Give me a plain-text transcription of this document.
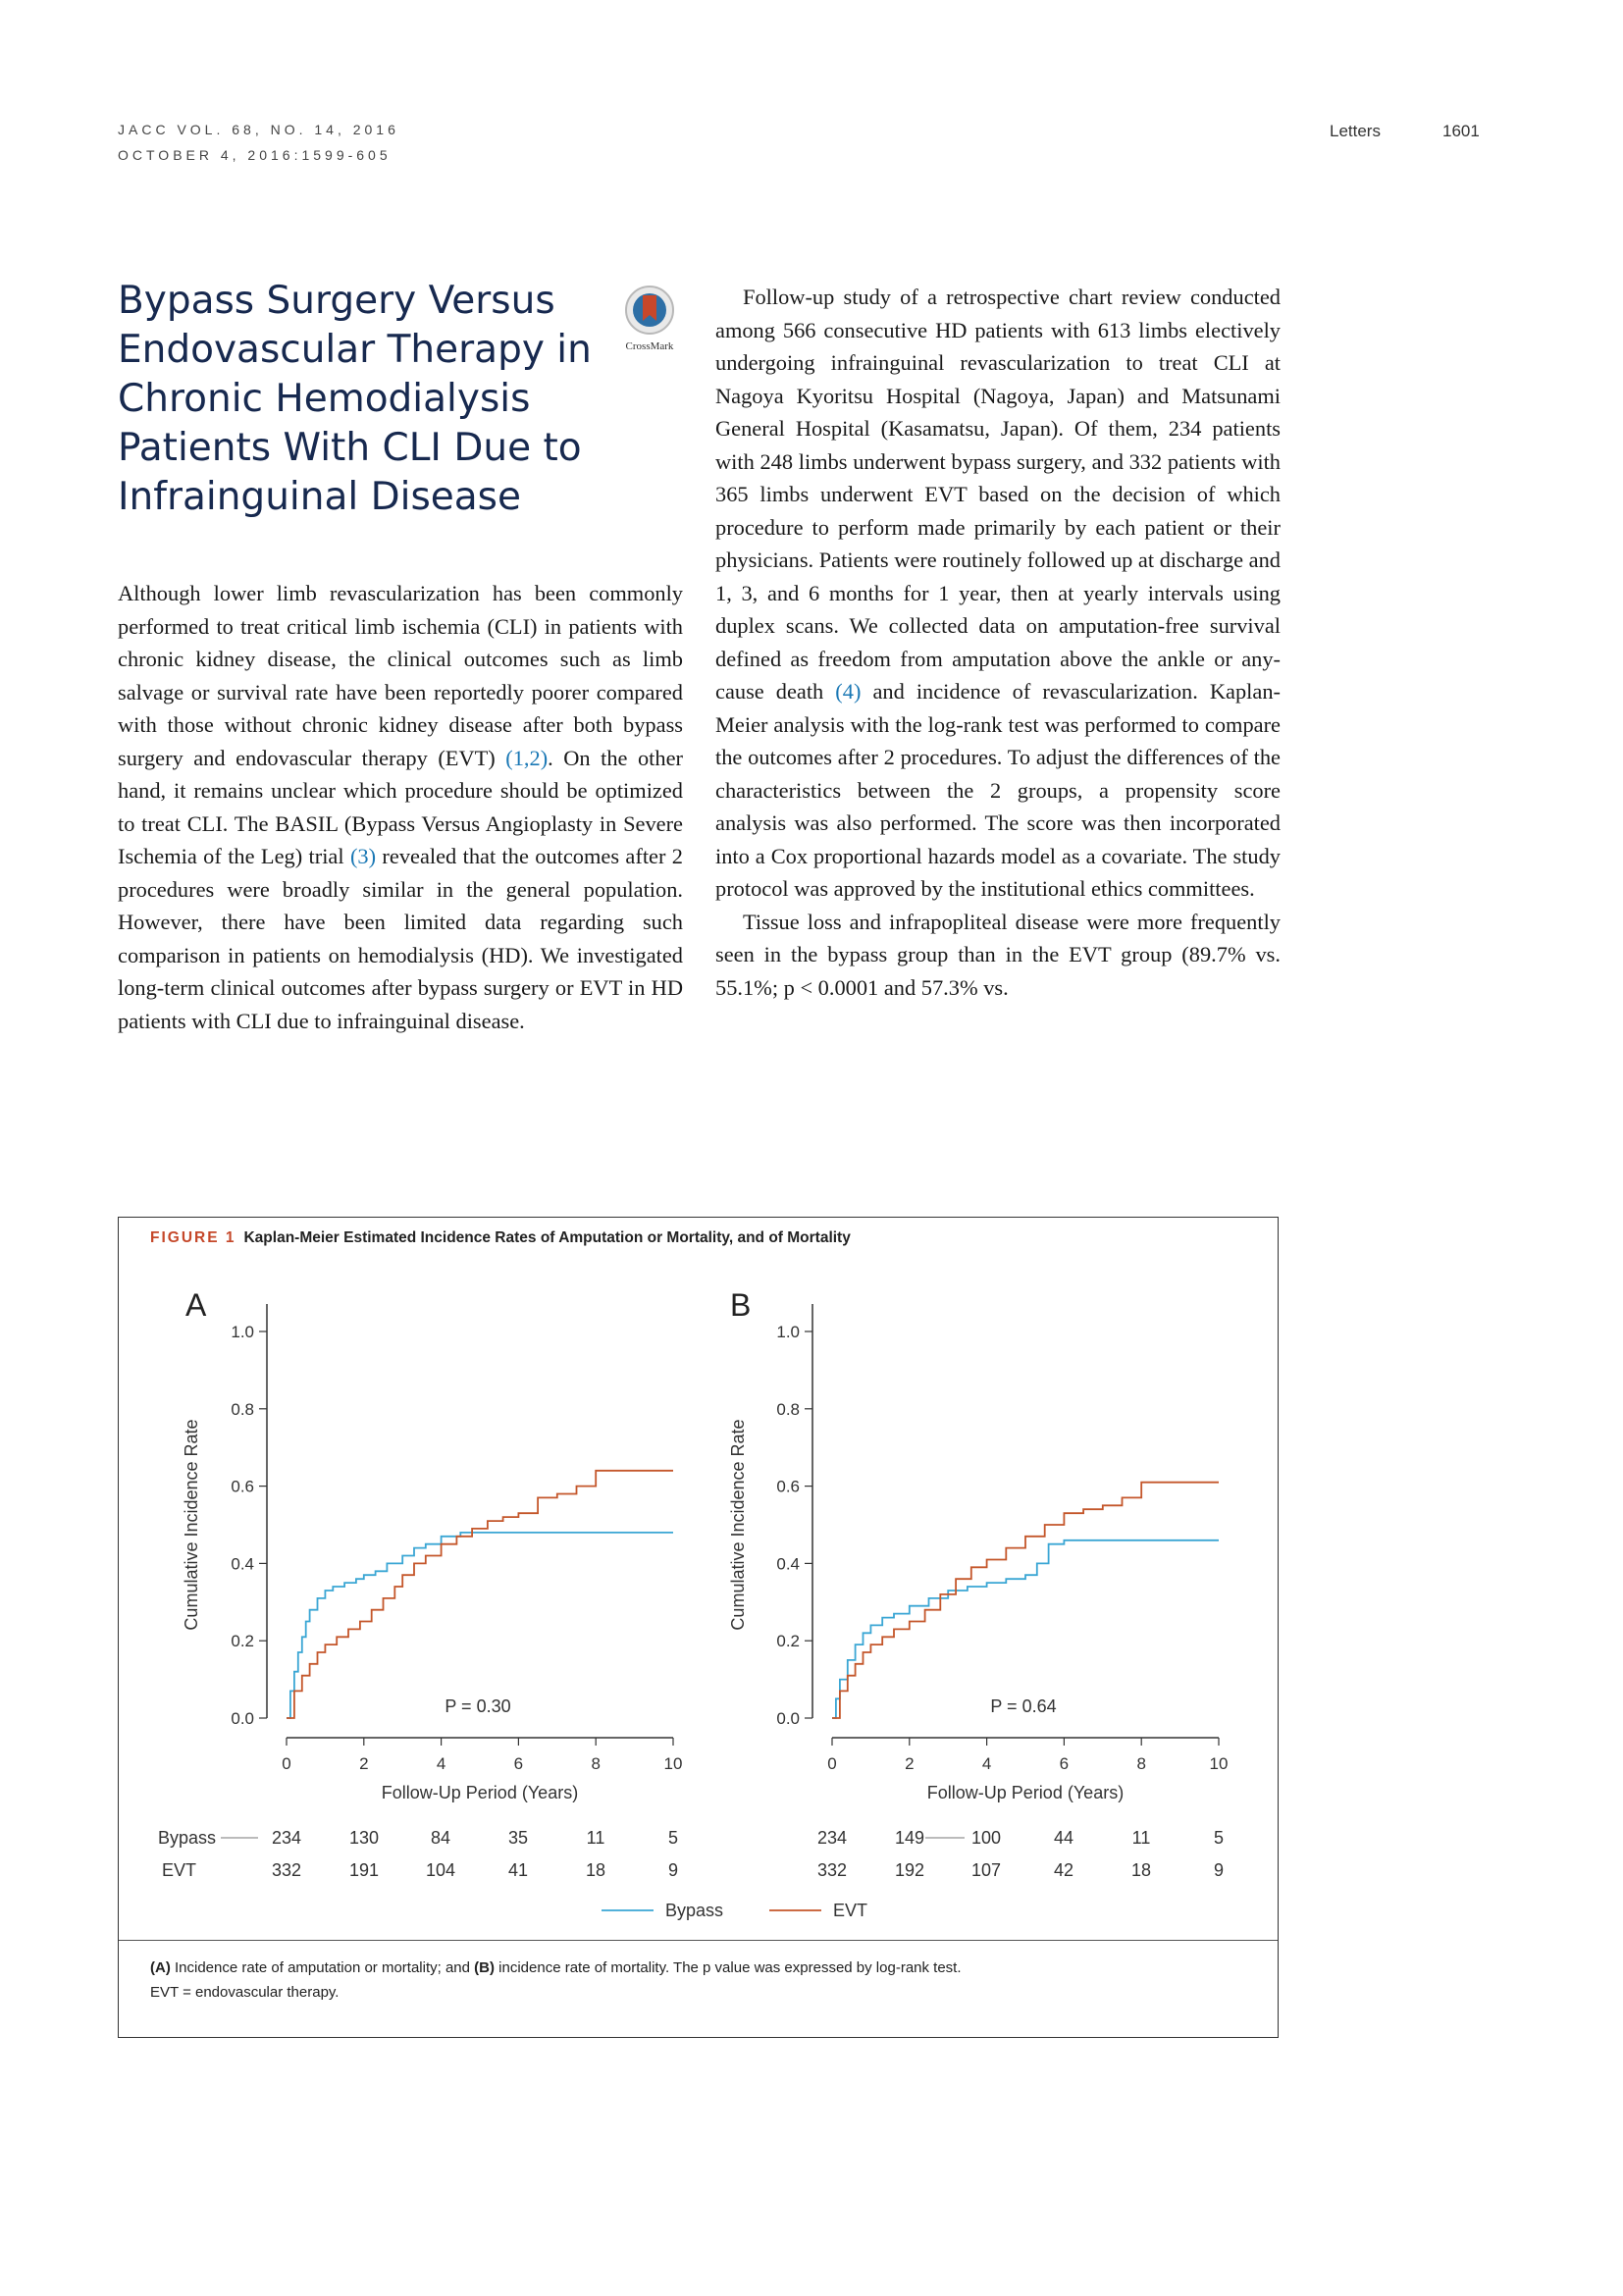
JACC VOL. 68, NO. 14, 2016
OCTOBER 4, 2016:1599-605
Letters	1601
Bypass Surgery Versus Endovascular Therapy in Chronic Hemodialysis Patients With CLI Due to Infrainguinal Disease
CrossMark

Although lower limb revascularization has been commonly performed to treat critical limb ischemia (CLI) in patients with chronic kidney disease, the clinical outcomes such as limb salvage or survival rate have been reportedly poorer compared with those without chronic kidney disease after both bypass surgery and endovascular therapy (EVT) (1,2). On the other hand, it remains unclear which procedure should be optimized to treat CLI. The BASIL (Bypass Versus Angioplasty in Severe Ischemia of the Leg) trial (3) revealed that the outcomes after 2 procedures were broadly similar in the general population. However, there have been limited data regarding such comparison in patients on hemodialysis (HD). We investigated long-term clinical outcomes after bypass surgery or EVT in HD patients with CLI due to infrainguinal disease.

Follow-up study of a retrospective chart review conducted among 566 consecutive HD patients with 613 limbs electively undergoing infrainguinal revascularization to treat CLI at Nagoya Kyoritsu Hospital (Nagoya, Japan) and Matsunami General Hospital (Kasamatsu, Japan). Of them, 234 patients with 248 limbs underwent bypass surgery, and 332 patients with 365 limbs underwent EVT based on the decision of which procedure to perform made primarily by each patient or their physicians. Patients were routinely followed up at discharge and 1, 3, and 6 months for 1 year, then at yearly intervals using duplex scans. We collected data on amputation-free survival defined as freedom from amputation above the ankle or any-cause death (4) and incidence of revascularization. Kaplan-Meier analysis with the log-rank test was performed to compare the outcomes after 2 procedures. To adjust the differences of the characteristics between the 2 groups, a propensity score analysis was also performed. The score was then incorporated into a Cox proportional hazards model as a covariate. The study protocol was approved by the institutional ethics committees.

Tissue loss and infrapopliteal disease were more frequently seen in the bypass group than in the EVT group (89.7% vs. 55.1%; p < 0.0001 and 57.3% vs.

FIGURE 1 Kaplan-Meier Estimated Incidence Rates of Amputation or Mortality, and of Mortality
A	B
Bypass
EVT
Bypass	EVT
0.0
0.2
0.4
0.6
0.8
1.0
0	2	4	6	8	10
Follow-Up Period (Years)
Cumulative Incidence Rate
P = 0.30
234	130	84	35	11	5
332	191	104	41	18	9
0.0
0.2
0.4
0.6
0.8
1.0
0	2	4	6	8	10
Follow-Up Period (Years)
Cumulative Incidence Rate
P = 0.64
234	149	100	44	11	5
332	192	107	42	18	9
(A) Incidence rate of amputation or mortality; and (B) incidence rate of mortality. The p value was expressed by log-rank test.
EVT = endovascular therapy.
